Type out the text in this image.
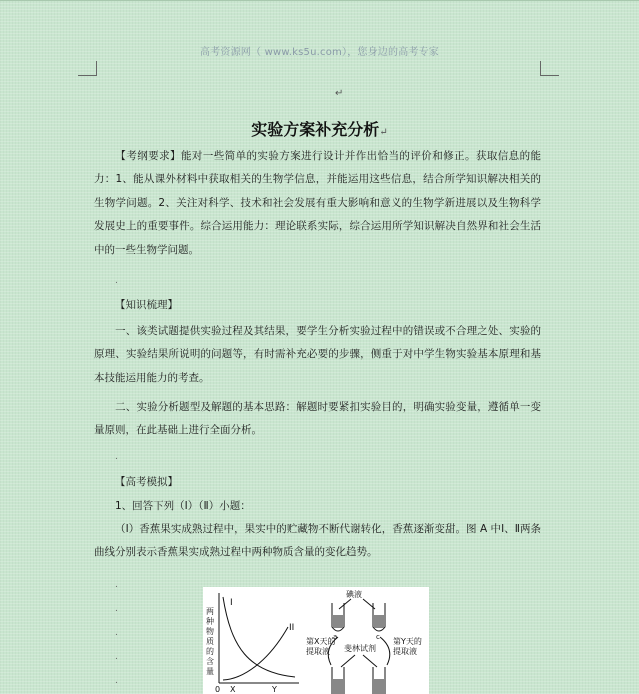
高考资源网（ www.ks5u.com），您身边的高考专家
↵
实验方案补充分析↵
【考纲要求】能对一些简单的实验方案进行设计并作出恰当的评价和修正。获取信息的能力：1、能从课外材料中获取相关的生物学信息，并能运用这些信息，结合所学知识解决相关的生物学问题。2、关注对科学、技术和社会发展有重大影响和意义的生物学新进展以及生物科学发展史上的重要事件。综合运用能力：理论联系实际，综合运用所学知识解决自然界和社会生活中的一些生物学问题。
.
【知识梳理】
一、该类试题提供实验过程及其结果，要学生分析实验过程中的错误或不合理之处、实验的原理、实验结果所说明的问题等，有时需补充必要的步骤，侧重于对中学生物实验基本原理和基本技能运用能力的考查。
二、实验分析题型及解题的基本思路：解题时要紧扣实验目的，明确实验变量，遵循单一变量原则，在此基础上进行全面分析。
.
【高考模拟】
1、回答下列（Ⅰ）（Ⅱ）小题：
（Ⅰ）香蕉果实成熟过程中，果实中的贮藏物不断代谢转化，香蕉逐渐变甜。图 A 中Ⅰ、Ⅱ两条曲线分别表示香蕉果实成熟过程中两种物质含量的变化趋势。
.
.
.
.
.
两
种
物
质
的
含
量
I
II
0 X	Y
碘液
a	c
第X天的
提取液
第Y天的
提取液
斐林试剂
